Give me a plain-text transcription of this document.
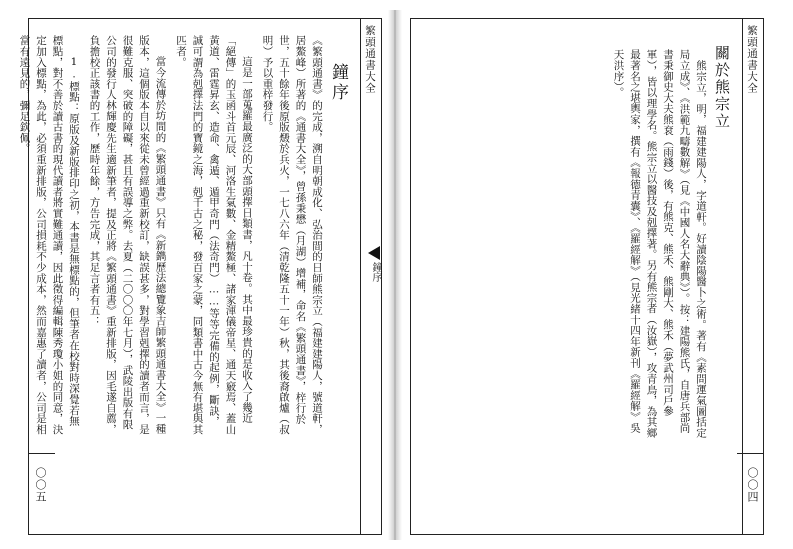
繁頭通書大全
鐘序

《繁頭通書》的完成，溯自明朝成化、弘治間的日師熊宗立（福建建陽人，號道軒，居鰲峰）所著的《通書大全》，曾孫秉懋（月湖）增補，命名《繁頭通書》，梓行於世，五十餘年後原版燬於兵火，一七八六年（清乾隆五十一年）秋，其後裔啟爐（叔明）予以重梓發行。

這是一部蒐羅最廣泛的大部頭擇日類書，凡十卷。其中最珍貴的是收入了幾近「絕傳」的玉函斗首元辰、河洛生氣數、金精鰲極、諸家渾儀帝星、通天竅焉、蓋山黃道、雷霆昇玄、造命、禽遁、遁甲奇門（法奇門）……等等完備的起例，斷訣，誠可謂為剋擇法門的寶鏡之海，剋千古之秘，發百家之蒙，同類書中古今無有堪與其匹者。

當今流傳於坊間的《繁頭通書》只有《新鐫歷法總覽象吉師繁頭通書大全》一種版本，這個版本自以來從未曾經過重新校訂，缺誤甚多，對學習剋擇的讀者而言，是很難克服、突破的障礙，甚且有誤導之弊。去夏（二〇〇〇年七月），武陵出版有限公司的發行人林輝慶先生適新筆者，提及正將《繁頭通書》重新排版，因毛遂自薦，負擔校正該書的工作，歷時年餘，方告完成，其足言者有五：

1.標點：原版及新版排印之初，本書是無標點的，但筆者在校對時深覺若無標點，對不善於讀古書的現代讀者將實難通讀，因此徵得編輯陳秀瓊小姐的同意，決定加入標點，為此，必須重新排版，公司損耗不少成本，然而嘉惠了讀者，公司是相當有遠見的，彌足欽佩。

〇〇五
鐘序
繁頭通書大全
關於熊宗立

熊宗立，明，福建建陽人，字道軒。好讀陰陽醫卜之術。著有《素問運氣圖括定局立成》、《洪範九疇數解》（見《中國人名大辭典》）。按：建陽熊氏，自唐兵部尚書秉御史大夫熊袞（雨錢）後，有熊克、熊禾、熊剛大、熊禾（夢武州司戶參軍），皆以理學名。熊宗立以醫技及剋擇著。另有熊宗者（汝嶽），攻青鳥，為其鄉最著名之堪輿家，撰有《報德青囊》、《羅經解》（見光緒十四年新刊《羅經解》吳天洪序）。

〇〇四
